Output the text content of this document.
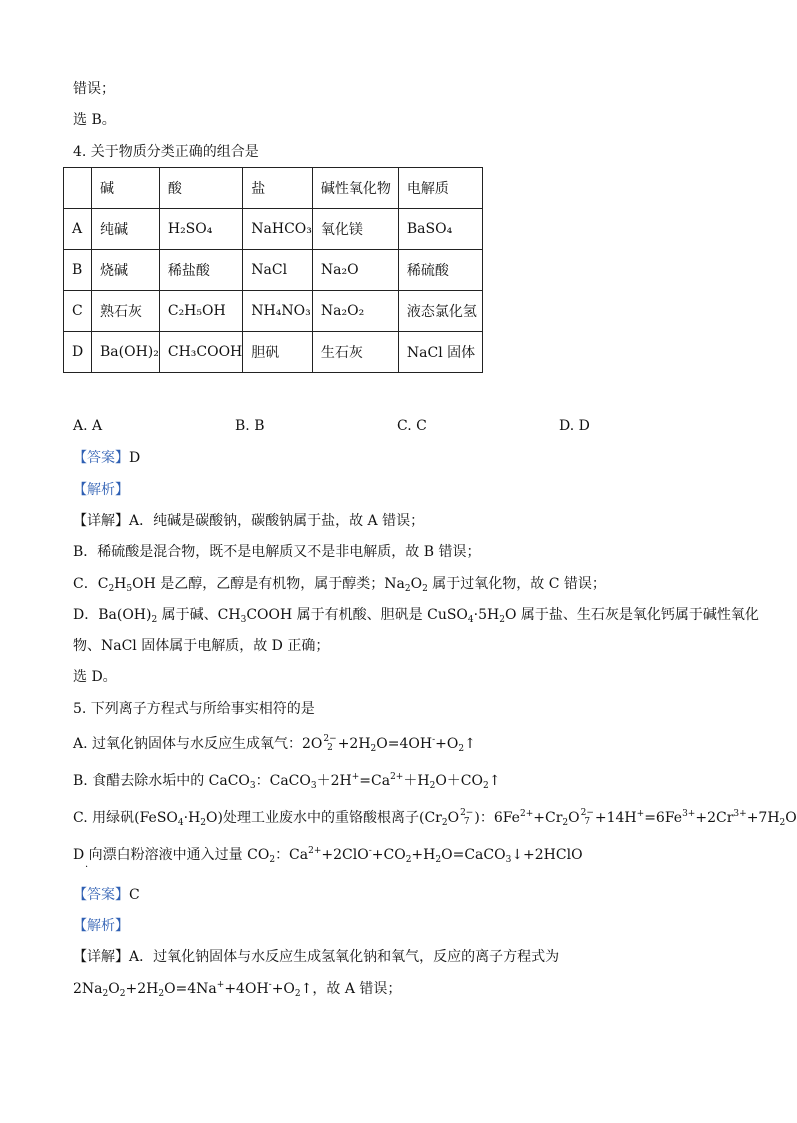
错误；
选 B。
4. 关于物质分类正确的组合是
	碱	酸	盐	碱性氧化物	电解质
A	纯碱	H₂SO₄	NaHCO₃	氧化镁	BaSO₄
B	烧碱	稀盐酸	NaCl	Na₂O	稀硫酸
C	熟石灰	C₂H₅OH	NH₄NO₃	Na₂O₂	液态氯化氢
D	Ba(OH)₂	CH₃COOH	胆矾	生石灰	NaCl 固体
A. A	B. B	C. C	D. D
【答案】D
【解析】
【详解】A．纯碱是碳酸钠，碳酸钠属于盐，故 A 错误；
B．稀硫酸是混合物，既不是电解质又不是非电解质，故 B 错误；
C．$C_2H_5OH$ 是乙醇，乙醇是有机物，属于醇类；$Na_2O_2$ 属于过氧化物，故 C 错误；
D．$Ba(OH)_2$ 属于碱、$CH_3COOH$ 属于有机酸、胆矾是 $CuSO_4\cdot 5H_2O$ 属于盐、生石灰是氧化钙属于碱性氧化
物、NaCl 固体属于电解质，故 D 正确；
选 D。
5. 下列离子方程式与所给事实相符的是
A. 过氧化钠固体与水反应生成氧气：2O 2−
$2 +2H_2O=4OH^-+O_2↑$
B. 食醋去除水垢中的 CaCO$_3$：$CaCO_3+2H^+=Ca^{2+}+H_2O+CO_2↑$
C. 用绿矾$(FeSO_4\cdot H_2O)$处理工业废水中的重铬酸根离子($Cr_2O$ 2−
7 )：$6Fe^{2+}+Cr_2O$ 2−
$7 +14H^+=6Fe^{3+}+2Cr^{3+}+7H_2O$
D 向漂白粉溶液中通入过量 $CO_2$：$Ca^{2+}+2ClO^-+CO_2+H_2O=CaCO_3↓+2HClO$
·
【答案】C
【解析】
【详解】A．过氧化钠固体与水反应生成氢氧化钠和氧气，反应的离子方程式为
$2Na_2O_2+2H_2O=4Na^++4OH^-+O_2↑$，故 A 错误；
